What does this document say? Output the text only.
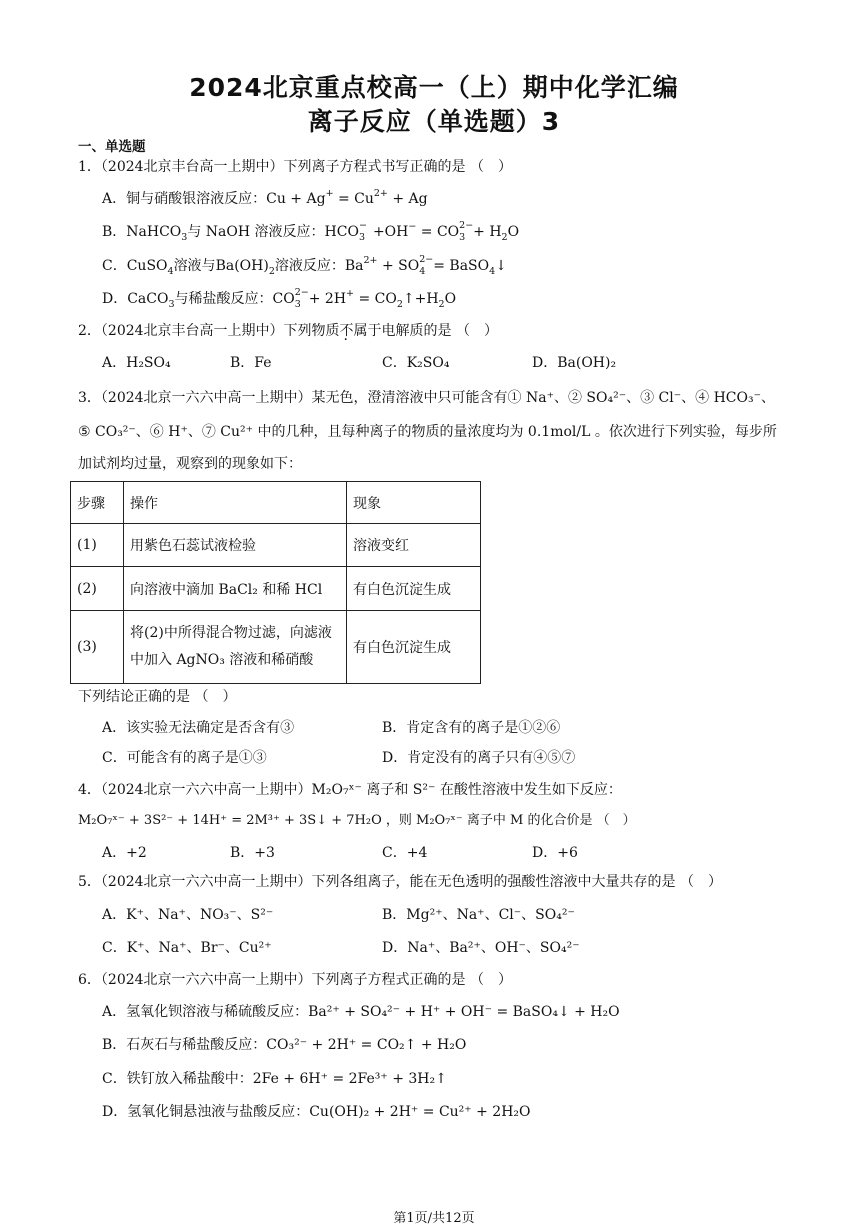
2024北京重点校高一（上）期中化学汇编
离子反应（单选题）3
一、单选题
1．（2024北京丰台高一上期中）下列离子方程式书写正确的是 （　）
A．铜与硝酸银溶液反应：$Cu + Ag^+ = Cu^{2+} + Ag$
B．NaHCO$_3$与 NaOH 溶液反应：HCO −
3 +OH− = CO 2−
$3 + H_2O$
C．CuSO$_4$溶液与$Ba(OH)_2$溶液反应：$Ba^{2+}$ + SO 2−
4 = BaSO$_4$↓
D．CaCO$_3$与稀盐酸反应：CO 2−
$3 + 2H^+ = CO_2↑+H_2O$
2．（2024北京丰台高一上期中）下列物质不属于电解质的是 （　）
A．H₂SO₄	B．Fe	C．K₂SO₄	D．Ba(OH)₂
3．（2024北京一六六中高一上期中）某无色，澄清溶液中只可能含有① Na⁺、② SO₄²⁻、③ Cl⁻、④ HCO₃⁻、
⑤ CO₃²⁻、⑥ H⁺、⑦ Cu²⁺ 中的几种，且每种离子的物质的量浓度均为 0.1mol/L 。依次进行下列实验，每步所
加试剂均过量，观察到的现象如下：
步骤	操作	现象
(1)	用紫色石蕊试液检验	溶液变红
(2)	向溶液中滴加 BaCl₂ 和稀 HCl	有白色沉淀生成
(3)	将(2)中所得混合物过滤，向滤液中加入 AgNO₃ 溶液和稀硝酸	有白色沉淀生成
下列结论正确的是 （　）
A．该实验无法确定是否含有③	B．肯定含有的离子是①②⑥
C．可能含有的离子是①③	D．肯定没有的离子只有④⑤⑦
4．（2024北京一六六中高一上期中）M₂O₇ˣ⁻ 离子和 S²⁻ 在酸性溶液中发生如下反应：
M₂O₇ˣ⁻ + 3S²⁻ + 14H⁺ = 2M³⁺ + 3S↓ + 7H₂O ，则 M₂O₇ˣ⁻ 离子中 M 的化合价是 （　）
A．+2	B．+3	C．+4	D．+6
5．（2024北京一六六中高一上期中）下列各组离子，能在无色透明的强酸性溶液中大量共存的是 （　）
A．K⁺、Na⁺、NO₃⁻、S²⁻	B．Mg²⁺、Na⁺、Cl⁻、SO₄²⁻
C．K⁺、Na⁺、Br⁻、Cu²⁺	D．Na⁺、Ba²⁺、OH⁻、SO₄²⁻
6．（2024北京一六六中高一上期中）下列离子方程式正确的是 （　）
A．氢氧化钡溶液与稀硫酸反应：Ba²⁺ + SO₄²⁻ + H⁺ + OH⁻ = BaSO₄↓ + H₂O
B．石灰石与稀盐酸反应：CO₃²⁻ + 2H⁺ = CO₂↑ + H₂O
C．铁钉放入稀盐酸中：2Fe + 6H⁺ = 2Fe³⁺ + 3H₂↑
D．氢氧化铜悬浊液与盐酸反应：Cu(OH)₂ + 2H⁺ = Cu²⁺ + 2H₂O
第1页/共12页
